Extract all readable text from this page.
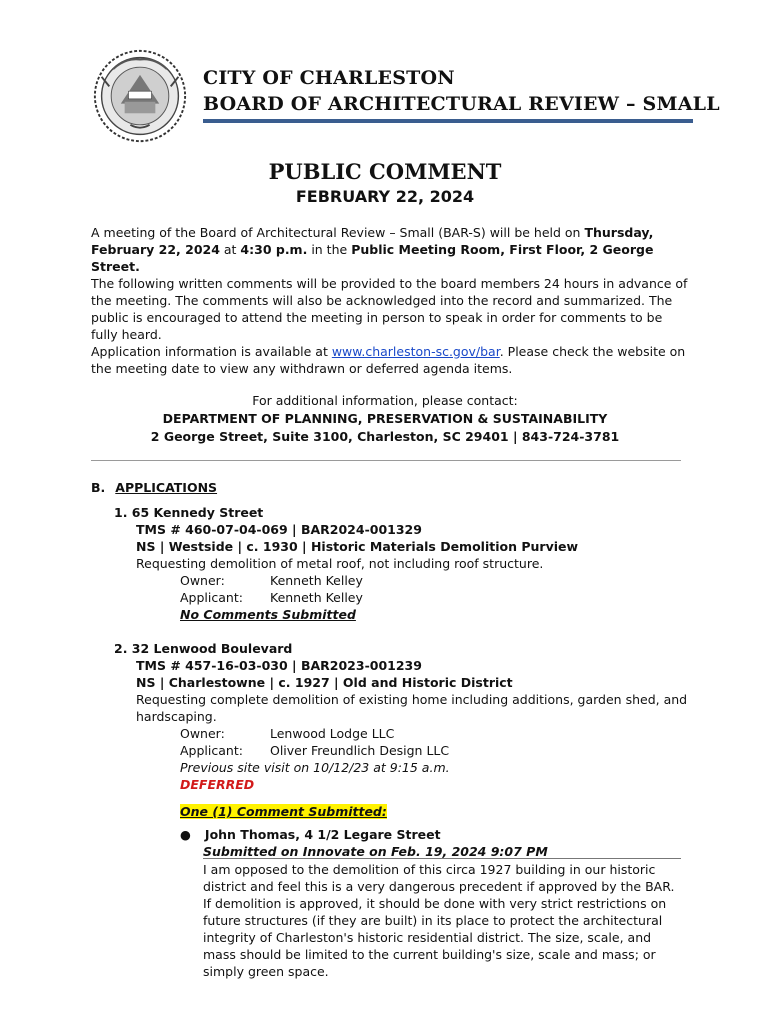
CITY OF CHARLESTON
BOARD OF ARCHITECTURAL REVIEW – SMALL
PUBLIC COMMENT
FEBRUARY 22, 2024
A meeting of the Board of Architectural Review – Small (BAR-S) will be held on Thursday, February 22, 2024 at 4:30 p.m. in the Public Meeting Room, First Floor, 2 George Street.
The following written comments will be provided to the board members 24 hours in advance of the meeting. The comments will also be acknowledged into the record and summarized. The public is encouraged to attend the meeting in person to speak in order for comments to be fully heard.
Application information is available at www.charleston-sc.gov/bar. Please check the website on the meeting date to view any withdrawn or deferred agenda items.
For additional information, please contact:
DEPARTMENT OF PLANNING, PRESERVATION & SUSTAINABILITY
2 George Street, Suite 3100, Charleston, SC 29401 | 843-724-3781
B. APPLICATIONS
1. 65 Kennedy Street
TMS # 460-07-04-069 | BAR2024-001329
NS | Westside | c. 1930 | Historic Materials Demolition Purview
Requesting demolition of metal roof, not including roof structure.
Owner:	Kenneth Kelley
Applicant: Kenneth Kelley
No Comments Submitted
2. 32 Lenwood Boulevard
TMS # 457-16-03-030 | BAR2023-001239
NS | Charlestowne | c. 1927 | Old and Historic District
Requesting complete demolition of existing home including additions, garden shed, and
hardscaping.
Owner:	Lenwood Lodge LLC
Applicant: Oliver Freundlich Design LLC
Previous site visit on 10/12/23 at 9:15 a.m.
DEFERRED
One (1) Comment Submitted:
● John Thomas, 4 1/2 Legare Street
Submitted on Innovate on Feb. 19, 2024 9:07 PM
I am opposed to the demolition of this circa 1927 building in our historic district and feel this is a very dangerous precedent if approved by the BAR. If demolition is approved, it should be done with very strict restrictions on future structures (if they are built) in its place to protect the architectural integrity of Charleston's historic residential district. The size, scale, and mass should be limited to the current building's size, scale and mass; or simply green space.
